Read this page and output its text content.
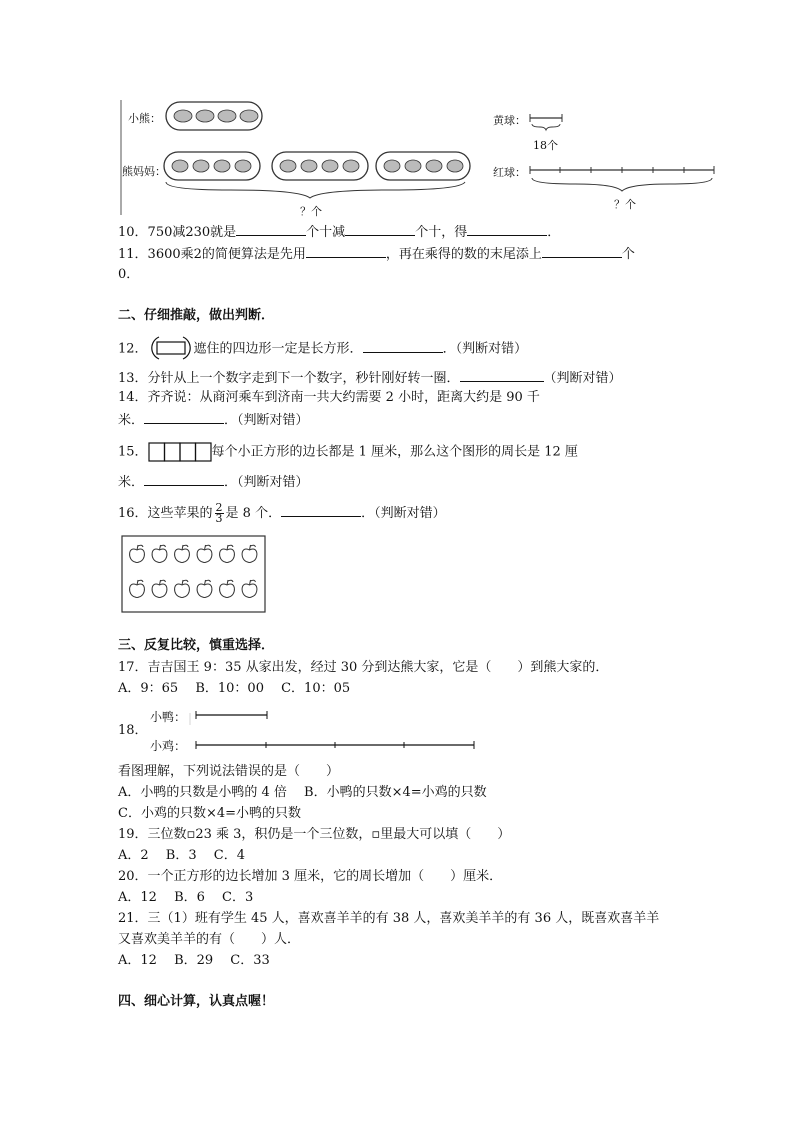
小熊：
熊妈妈：
？个
黄球：
18个
红球：
？个
10．750减230就是	个十减	个十，得	．
11．3600乘2的简便算法是先用	，再在乘得的数的末尾添上	个
0．
二、仔细推敲，做出判断．
12．	遮住的四边形一定是长方形．	．（判断对错）
13．分针从上一个数字走到下一个数字，秒针刚好转一圈．	（判断对错）
14．齐齐说：从商河乘车到济南一共大约需要 2 小时，距离大约是 90 千
米．	．（判断对错）
15．	每个小正方形的边长都是 1 厘米，那么这个图形的周长是 12 厘
米．	．（判断对错）
16．这些苹果的 $\frac{2}{3}$ 是 8 个．	．（判断对错）
三、反复比较，慎重选择．
17．吉吉国王 9：35 从家出发，经过 30 分到达熊大家，它是（　　）到熊大家的．
A．9：65　 B．10：00　 C．10：05
18．
小鸭：
小鸡：
看图理解，下列说法错误的是（　　）
A．小鸭的只数是小鸭的 4 倍　 B．小鸭的只数×4=小鸡的只数
C．小鸡的只数×4=小鸭的只数
19．三位数▫23 乘 3，积仍是一个三位数，▫里最大可以填（　　）
A．2　 B．3　 C．4
20．一个正方形的边长增加 3 厘米，它的周长增加（　　）厘米．
A．12　 B．6　 C．3
21．三（1）班有学生 45 人，喜欢喜羊羊的有 38 人，喜欢美羊羊的有 36 人，既喜欢喜羊羊
又喜欢美羊羊的有（　　）人．
A．12　 B．29　 C．33
四、细心计算，认真点喔！
